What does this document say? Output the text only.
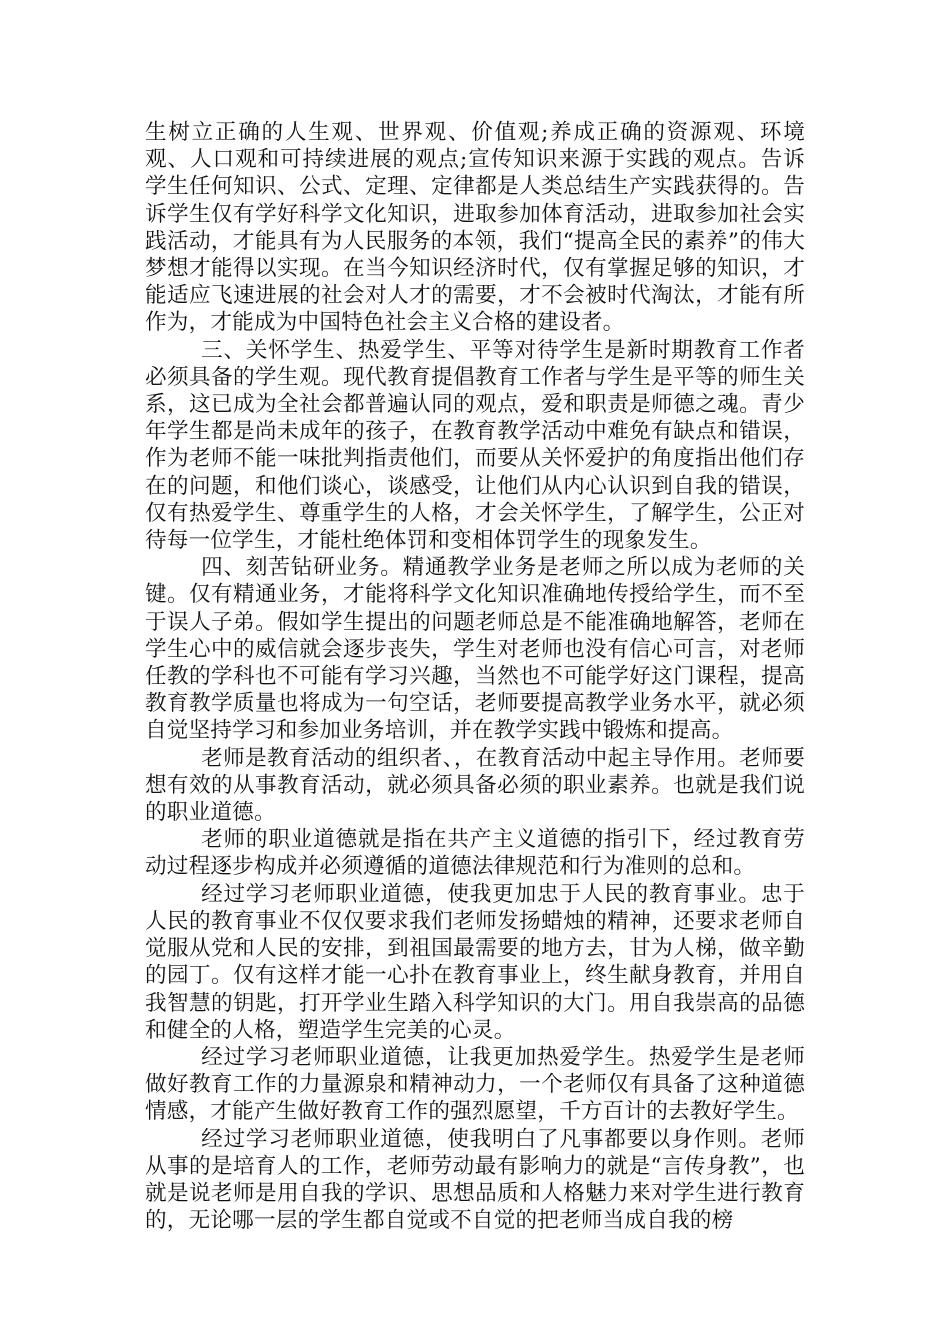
生树立正确的人生观、世界观、价值观;养成正确的资源观、环境观、人口观和可持续进展的观点;宣传知识来源于实践的观点。告诉学生任何知识、公式、定理、定律都是人类总结生产实践获得的。告诉学生仅有学好科学文化知识，进取参加体育活动，进取参加社会实践活动，才能具有为人民服务的本领，我们“提高全民的素养”的伟大梦想才能得以实现。在当今知识经济时代，仅有掌握足够的知识，才能适应飞速进展的社会对人才的需要，才不会被时代淘汰，才能有所作为，才能成为中国特色社会主义合格的建设者。

三、关怀学生、热爱学生、平等对待学生是新时期教育工作者必须具备的学生观。现代教育提倡教育工作者与学生是平等的师生关系，这已成为全社会都普遍认同的观点，爱和职责是师德之魂。青少年学生都是尚未成年的孩子，在教育教学活动中难免有缺点和错误，作为老师不能一味批判指责他们，而要从关怀爱护的角度指出他们存在的问题，和他们谈心，谈感受，让他们从内心认识到自我的错误，仅有热爱学生、尊重学生的人格，才会关怀学生，了解学生，公正对待每一位学生，才能杜绝体罚和变相体罚学生的现象发生。

四、刻苦钻研业务。精通教学业务是老师之所以成为老师的关键。仅有精通业务，才能将科学文化知识准确地传授给学生，而不至于误人子弟。假如学生提出的问题老师总是不能准确地解答，老师在学生心中的威信就会逐步丧失，学生对老师也没有信心可言，对老师任教的学科也不可能有学习兴趣，当然也不可能学好这门课程，提高教育教学质量也将成为一句空话，老师要提高教学业务水平，就必须自觉坚持学习和参加业务培训，并在教学实践中锻炼和提高。

老师是教育活动的组织者、，在教育活动中起主导作用。老师要想有效的从事教育活动，就必须具备必须的职业素养。也就是我们说的职业道德。

老师的职业道德就是指在共产主义道德的指引下，经过教育劳动过程逐步构成并必须遵循的道德法律规范和行为准则的总和。

经过学习老师职业道德，使我更加忠于人民的教育事业。忠于人民的教育事业不仅仅要求我们老师发扬蜡烛的精神，还要求老师自觉服从党和人民的安排，到祖国最需要的地方去，甘为人梯，做辛勤的园丁。仅有这样才能一心扑在教育事业上，终生献身教育，并用自我智慧的钥匙，打开学业生踏入科学知识的大门。用自我崇高的品德和健全的人格，塑造学生完美的心灵。

经过学习老师职业道德，让我更加热爱学生。热爱学生是老师做好教育工作的力量源泉和精神动力，一个老师仅有具备了这种道德情感，才能产生做好教育工作的强烈愿望，千方百计的去教好学生。

经过学习老师职业道德，使我明白了凡事都要以身作则。老师从事的是培育人的工作，老师劳动最有影响力的就是“言传身教”，也就是说老师是用自我的学识、思想品质和人格魅力来对学生进行教育的，无论哪一层的学生都自觉或不自觉的把老师当成自我的榜
